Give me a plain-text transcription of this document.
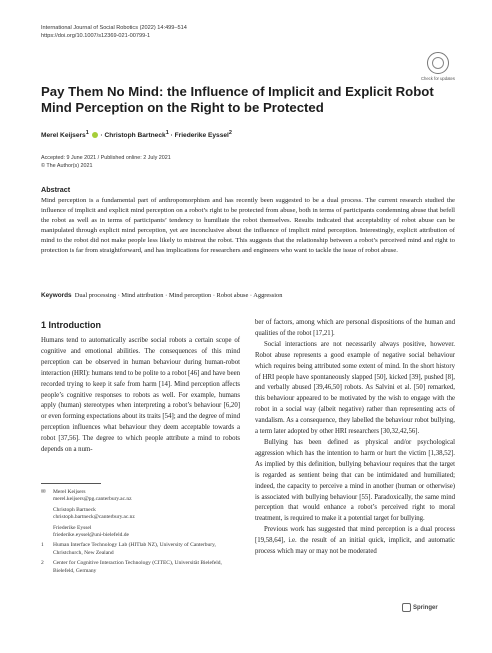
International Journal of Social Robotics (2022) 14:499–514
https://doi.org/10.1007/s12369-021-00799-1
Check for updates
Pay Them No Mind: the Influence of Implicit and Explicit Robot Mind Perception on the Right to be Protected
Merel Keijsers$^1$  · Christoph Bartneck$^1$ · Friederike Eyssel$^2$
Accepted: 9 June 2021 / Published online: 2 July 2021
© The Author(s) 2021
Abstract
Mind perception is a fundamental part of anthropomorphism and has recently been suggested to be a dual process. The current research studied the influence of implicit and explicit mind perception on a robot’s right to be protected from abuse, both in terms of participants condemning abuse that befell the robot as well as in terms of participants’ tendency to humiliate the robot themselves. Results indicated that acceptability of robot abuse can be manipulated through explicit mind perception, yet are inconclusive about the influence of implicit mind perception. Interestingly, explicit attribution of mind to the robot did not make people less likely to mistreat the robot. This suggests that the relationship between a robot’s perceived mind and right to protection is far from straightforward, and has implications for researchers and engineers who want to tackle the issue of robot abuse.
Keywords Dual processing · Mind attribution · Mind perception · Robot abuse · Aggression
1 Introduction

Humans tend to automatically ascribe social robots a certain scope of cognitive and emotional abilities. The consequences of this mind perception can be observed in human behaviour during human-robot interaction (HRI): humans tend to be polite to a robot [46] and have been recorded trying to keep it safe from harm [14]. Mind perception affects people’s cognitive responses to robots as well. For example, humans apply (human) stereotypes when interpreting a robot’s behaviour [6,20] or even forming expectations about its traits [54]; and the degree of mind perception influences what behaviour they deem acceptable towards a robot [37,56]. The degree to which people attribute a mind to robots depends on a num-

✉	Merel Keijsers
merel.keijsers@pg.canterbury.ac.nz
Christoph Bartneck
christoph.bartneck@canterbury.ac.nz
Friederike Eyssel
friederike.eyssel@uni-bielefeld.de
1	Human Interface Technology Lab (HITlab NZ), University of Canterbury, Christchurch, New Zealand
2	Center for Cognitive Interaction Technology (CITEC), Universität Bielefeld, Bielefeld, Germany

ber of factors, among which are personal dispositions of the human and qualities of the robot [17,21].

Social interactions are not necessarily always positive, however. Robot abuse represents a good example of negative social behaviour which requires being attributed some extent of mind. In the short history of HRI people have spontaneously slapped [50], kicked [39], pushed [8], and verbally abused [39,46,50] robots. As Salvini et al. [50] remarked, this behaviour appeared to be motivated by the wish to engage with the robot in a social way (albeit negative) rather than representing acts of vandalism. As a consequence, they labelled the behaviour robot bullying, a term later adopted by other HRI researchers [30,32,42,56].

Bullying has been defined as physical and/or psychological aggression which has the intention to harm or hurt the victim [1,38,52]. As implied by this definition, bullying behaviour requires that the target is regarded as sentient being that can be intimidated and humiliated; indeed, the capacity to perceive a mind in another (human or otherwise) is associated with bullying behaviour [55]. Paradoxically, the same mind perception that would enhance a robot’s perceived right to moral treatment, is required to make it a potential target for bullying.

Previous work has suggested that mind perception is a dual process [19,58,64], i.e. the result of an initial quick, implicit, and automatic process which may or may not be moderated

Springer
